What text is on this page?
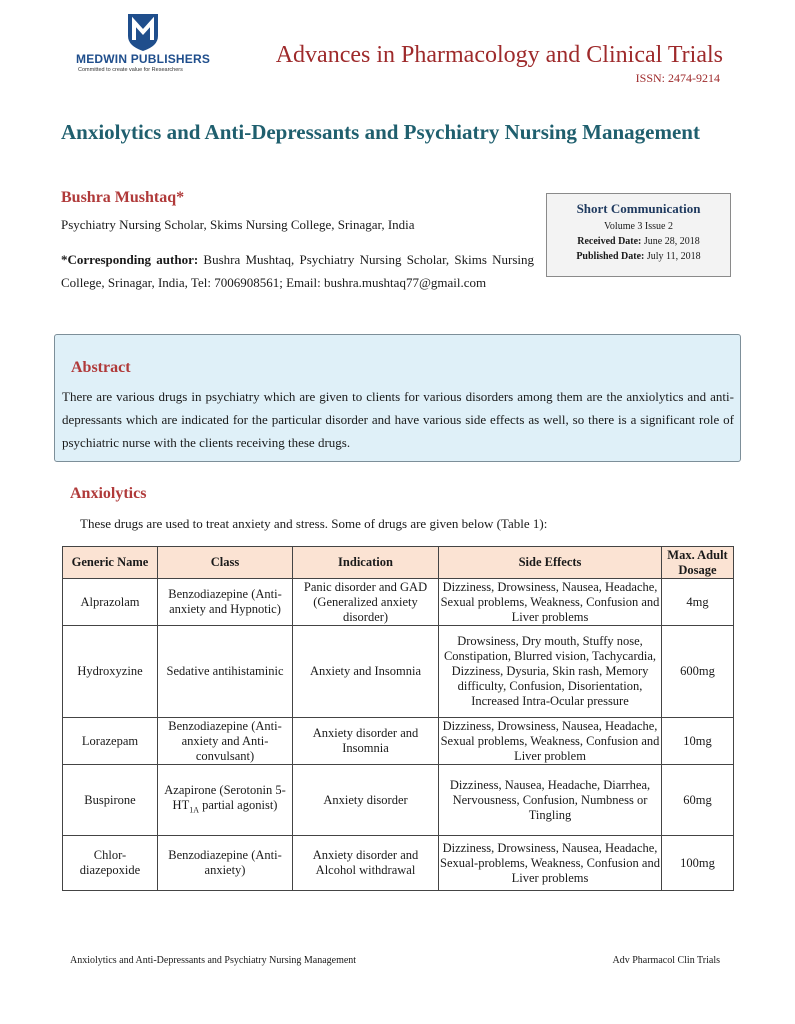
MEDWIN PUBLISHERS
Committed to create value for Researchers
Advances in Pharmacology and Clinical Trials
ISSN: 2474-9214
Anxiolytics and Anti-Depressants and Psychiatry Nursing Management
Bushra Mushtaq*
Psychiatry Nursing Scholar, Skims Nursing College, Srinagar, India
*Corresponding author: Bushra Mushtaq, Psychiatry Nursing Scholar, Skims Nursing College, Srinagar, India, Tel: 7006908561; Email: bushra.mushtaq77@gmail.com
Short Communication
Volume 3 Issue 2
Received Date: June 28, 2018
Published Date: July 11, 2018
Abstract
There are various drugs in psychiatry which are given to clients for various disorders among them are the anxiolytics and anti-depressants which are indicated for the particular disorder and have various side effects as well, so there is a significant role of psychiatric nurse with the clients receiving these drugs.
Anxiolytics
These drugs are used to treat anxiety and stress. Some of drugs are given below (Table 1):
Generic Name	Class	Indication	Side Effects	Max. Adult Dosage
Alprazolam	Benzodiazepine (Anti-anxiety and Hypnotic)	Panic disorder and GAD (Generalized anxiety disorder)	Dizziness, Drowsiness, Nausea, Headache, Sexual problems, Weakness, Confusion and Liver problems	4mg
Hydroxyzine	Sedative antihistaminic	Anxiety and Insomnia	Drowsiness, Dry mouth, Stuffy nose, Constipation, Blurred vision, Tachycardia, Dizziness, Dysuria, Skin rash, Memory difficulty, Confusion, Disorientation, Increased Intra-Ocular pressure	600mg
Lorazepam	Benzodiazepine (Anti-anxiety and Anti-convulsant)	Anxiety disorder and Insomnia	Dizziness, Drowsiness, Nausea, Headache, Sexual problems, Weakness, Confusion and Liver problem	10mg
Buspirone	Azapirone (Serotonin $5-HT_{1A}$ partial agonist)	Anxiety disorder	Dizziness, Nausea, Headache, Diarrhea, Nervousness, Confusion, Numbness or Tingling	60mg
Chlor-diazepoxide	Benzodiazepine (Anti-anxiety)	Anxiety disorder and Alcohol withdrawal	Dizziness, Drowsiness, Nausea, Headache, Sexual-problems, Weakness, Confusion and Liver problems	100mg
Anxiolytics and Anti-Depressants and Psychiatry Nursing Management	Adv Pharmacol Clin Trials
